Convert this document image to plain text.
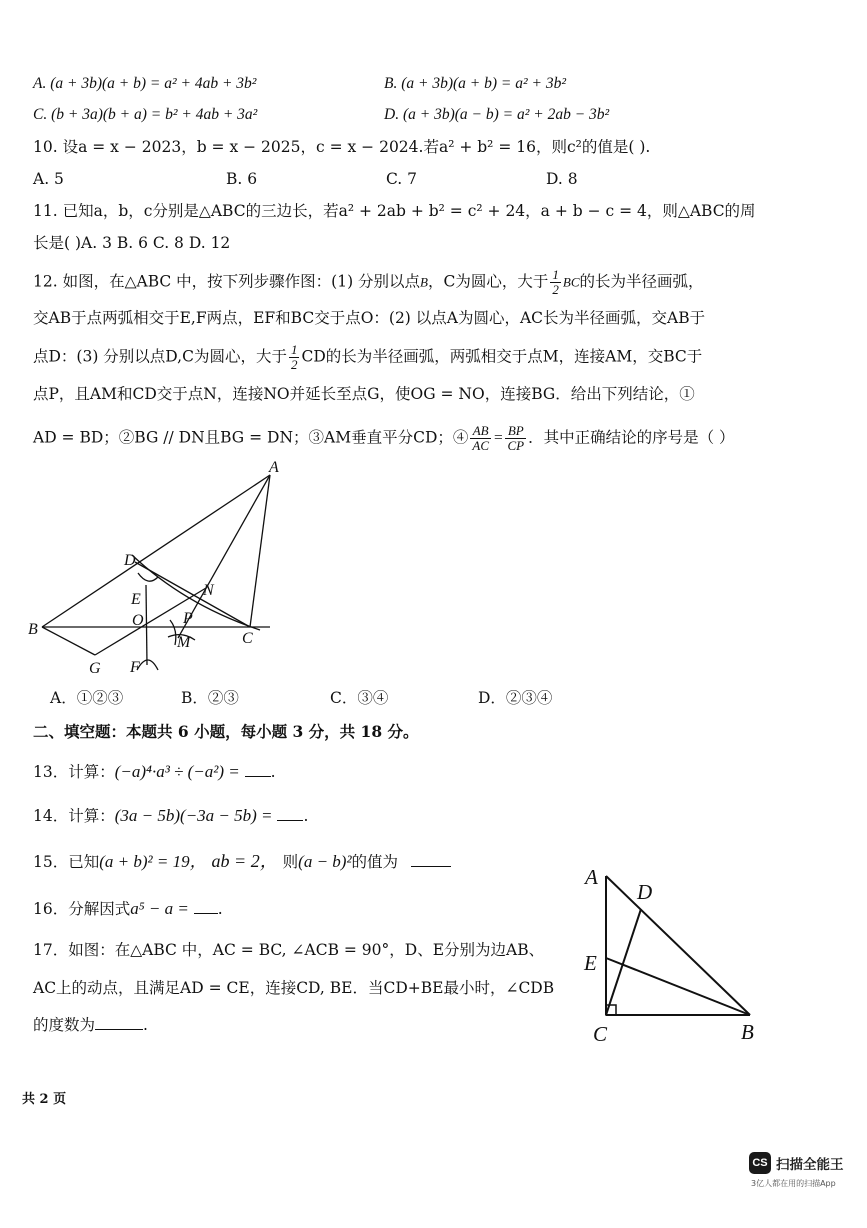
A. (a + 3b)(a + b) = a² + 4ab + 3b²	B. (a + 3b)(a + b) = a² + 3b²
C. (b + 3a)(b + a) = b² + 4ab + 3a²	D. (a + 3b)(a − b) = a² + 2ab − 3b²
10. 设a = x − 2023，b = x − 2025，c = x − 2024.若a² + b² = 16，则c²的值是( ).
A. 5	B. 6	C. 7	D. 8
11. 已知a，b，c分别是△ABC的三边长，若a² + 2ab + b² = c² + 24，a + b − c = 4，则△ABC的周
长是( )A. 3 B. 6 C. 8 D. 12
12. 如图，在△ABC 中，按下列步骤作图：(1) 分别以点B，C为圆心，大于 $\frac{1}{2}$ BC的长为半径画弧，
交AB于点两弧相交于E,F两点，EF和BC交于点O：(2) 以点A为圆心，AC长为半径画弧，交AB于
点D：(3) 分别以点D,C为圆心，大于 $\frac{1}{2}$ CD的长为半径画弧，两弧相交于点M，连接AM，交BC于
点P，且AM和CD交于点N，连接NO并延长至点G，使OG = NO，连接BG．给出下列结论，①
AD = BD；②BG // DN且BG = DN；③AM垂直平分CD；④ $\frac{AB}{AC} = \frac{BP}{CP}$ ．其中正确结论的序号是（ ）
A
B
C
D
E
F
G
M
N
O P
A．①②③	B．②③	C．③④	D．②③④
二、填空题：本题共 6 小题，每小题 3 分，共 18 分。
13．计算：(−a)⁴·a³ ÷ (−a²) = .
14．计算：(3a − 5b)(−3a − 5b) = .
15．已知(a + b)² = 19， ab = 2， 则(a − b)²的值为
16．分解因式a⁵ − a = .
17．如图：在△ABC 中，AC = BC, ∠ACB = 90°，D、E分别为边AB、
AC上的动点，且满足AD = CE，连接CD, BE．当CD+BE最小时，∠CDB
的度数为	.
A
D
E
C	B
共 2 页
CS 扫描全能王
3亿人都在用的扫描App
